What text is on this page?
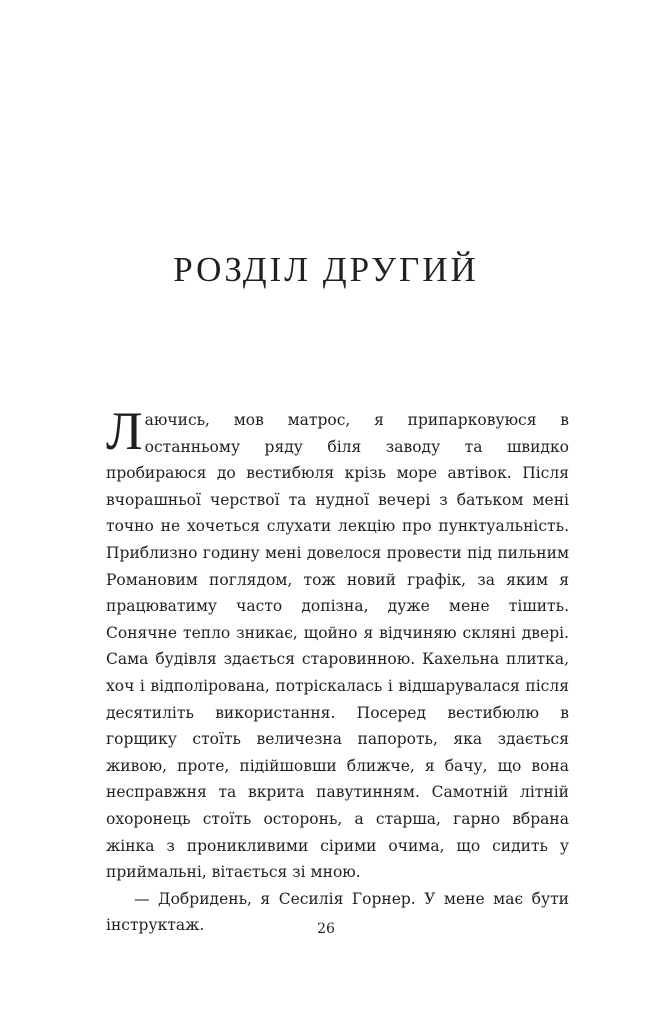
РОЗДІЛ ДРУГИЙ

Лаючись, мов матрос, я припарковуюся в останньому ряду біля заводу та швидко пробираюся до вестибюля крізь море автівок. Після вчорашньої черствої та нудної вечері з батьком мені точно не хочеться слухати лекцію про пунктуальність. Приблизно годину мені довелося провести під пильним Романовим поглядом, тож новий графік, за яким я працюватиму часто допізна, дуже мене тішить. Сонячне тепло зникає, щойно я відчиняю скляні двері. Сама будівля здається старовинною. Кахельна плитка, хоч і відполірована, потріскалась і відшарувалася після десятиліть використання. Посеред вестибюлю в горщику стоїть величезна папороть, яка здається живою, проте, підійшовши ближче, я бачу, що вона несправжня та вкрита павутинням. Самотній літній охоронець стоїть осторонь, а старша, гарно вбрана жінка з проникливими сірими очима, що сидить у приймальні, вітається зі мною.

— Добридень, я Сесилія Горнер. У мене має бути інструктаж.	26
